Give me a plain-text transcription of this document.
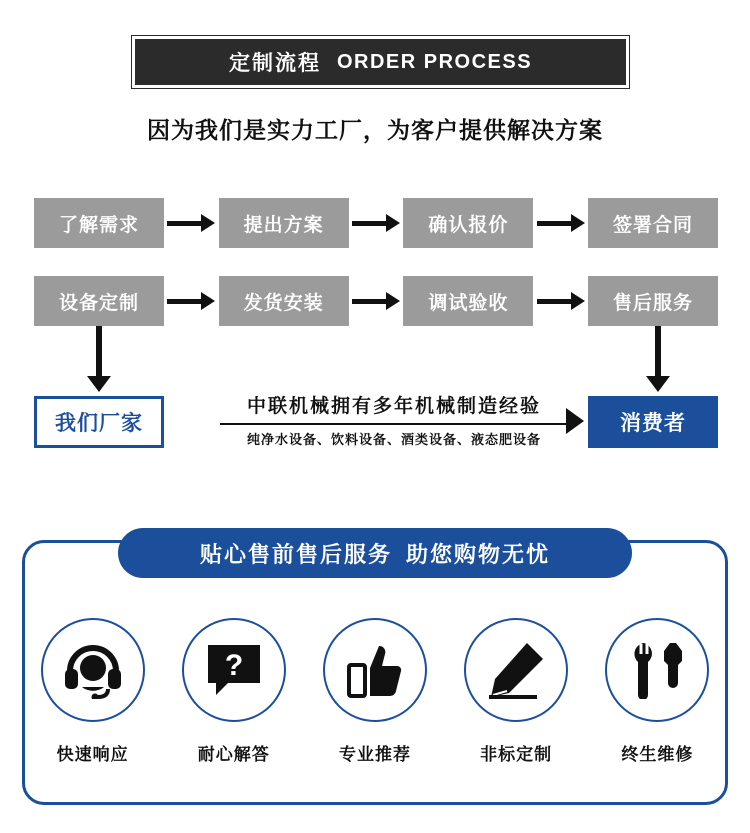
定制流程 ORDER PROCESS
因为我们是实力工厂，为客户提供解决方案
了解需求	提出方案	确认报价	签署合同
设备定制	发货安装	调试验收	售后服务
我们厂家
中联机械拥有多年机械制造经验
纯净水设备、饮料设备、酒类设备、液态肥设备
消费者
贴心售前售后服务 助您购物无忧
快速响应
?
耐心解答	专业推荐	非标定制	终生维修
